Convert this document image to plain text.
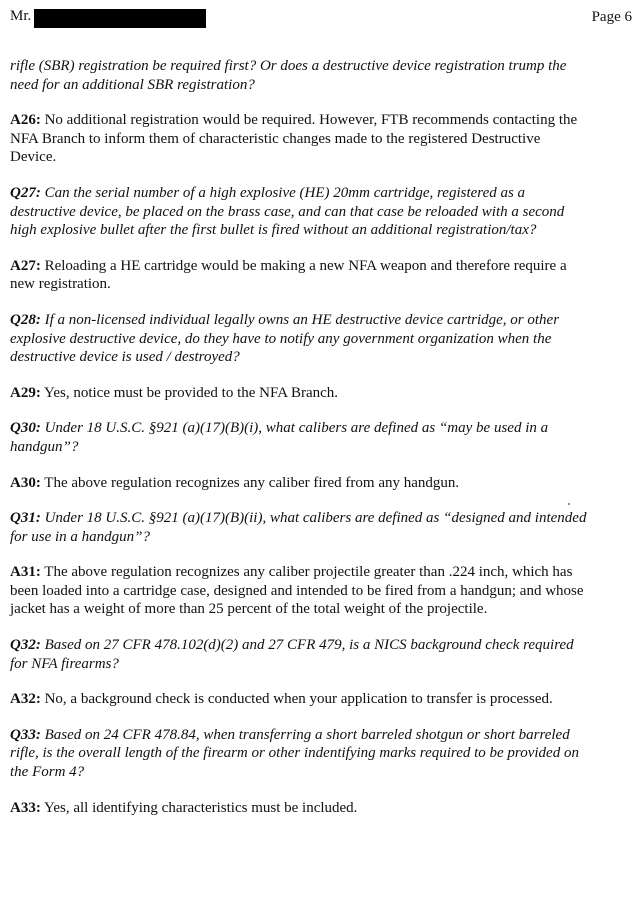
Mr.	Page 6

rifle (SBR) registration be required first? Or does a destructive device registration trump the need for an additional SBR registration?

A26: No additional registration would be required. However, FTB recommends contacting the NFA Branch to inform them of characteristic changes made to the registered Destructive Device.

Q27: Can the serial number of a high explosive (HE) 20mm cartridge, registered as a destructive device, be placed on the brass case, and can that case be reloaded with a second high explosive bullet after the first bullet is fired without an additional registration/tax?

A27: Reloading a HE cartridge would be making a new NFA weapon and therefore require a new registration.

Q28: If a non-licensed individual legally owns an HE destructive device cartridge, or other explosive destructive device, do they have to notify any government organization when the destructive device is used / destroyed?

A29: Yes, notice must be provided to the NFA Branch.

Q30: Under 18 U.S.C. §921 (a)(17)(B)(i), what calibers are defined as “may be used in a handgun”?

A30: The above regulation recognizes any caliber fired from any handgun.

Q31: Under 18 U.S.C. §921 (a)(17)(B)(ii), what calibers are defined as “designed and intended for use in a handgun”?

A31: The above regulation recognizes any caliber projectile greater than .224 inch, which has been loaded into a cartridge case, designed and intended to be fired from a handgun; and whose jacket has a weight of more than 25 percent of the total weight of the projectile.

Q32: Based on 27 CFR 478.102(d)(2) and 27 CFR 479, is a NICS background check required for NFA firearms?

A32: No, a background check is conducted when your application to transfer is processed.

Q33: Based on 24 CFR 478.84, when transferring a short barreled shotgun or short barreled rifle, is the overall length of the firearm or other indentifying marks required to be provided on the Form 4?

A33: Yes, all identifying characteristics must be included.
